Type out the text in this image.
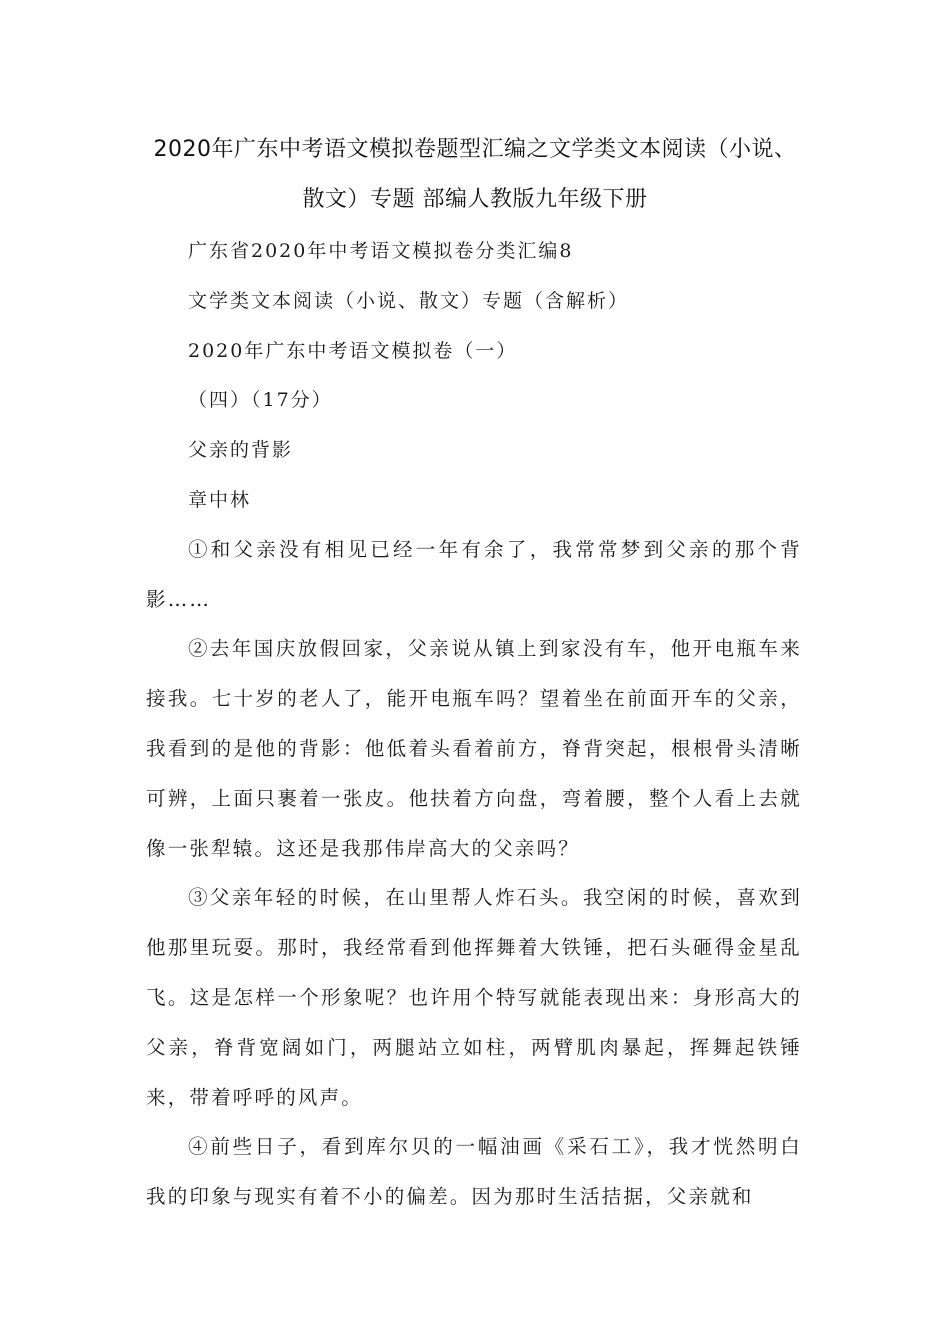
2020年广东中考语文模拟卷题型汇编之文学类文本阅读（小说、
散文）专题 部编人教版九年级下册
广东省2020年中考语文模拟卷分类汇编8
文学类文本阅读（小说、散文）专题（含解析）
2020年广东中考语文模拟卷（一）
（四）（17分）
父亲的背影
章中林
①和父亲没有相见已经一年有余了，我常常梦到父亲的那个背影……
②去年国庆放假回家，父亲说从镇上到家没有车，他开电瓶车来接我。七十岁的老人了，能开电瓶车吗？望着坐在前面开车的父亲，我看到的是他的背影：他低着头看着前方，脊背突起，根根骨头清晰可辨，上面只裹着一张皮。他扶着方向盘，弯着腰，整个人看上去就像一张犁辕。这还是我那伟岸高大的父亲吗？
③父亲年轻的时候，在山里帮人炸石头。我空闲的时候，喜欢到他那里玩耍。那时，我经常看到他挥舞着大铁锤，把石头砸得金星乱飞。这是怎样一个形象呢？也许用个特写就能表现出来：身形高大的父亲，脊背宽阔如门，两腿站立如柱，两臂肌肉暴起，挥舞起铁锤来，带着呼呼的风声。
④前些日子，看到库尔贝的一幅油画《采石工》，我才恍然明白我的印象与现实有着不小的偏差。因为那时生活拮据，父亲就和
